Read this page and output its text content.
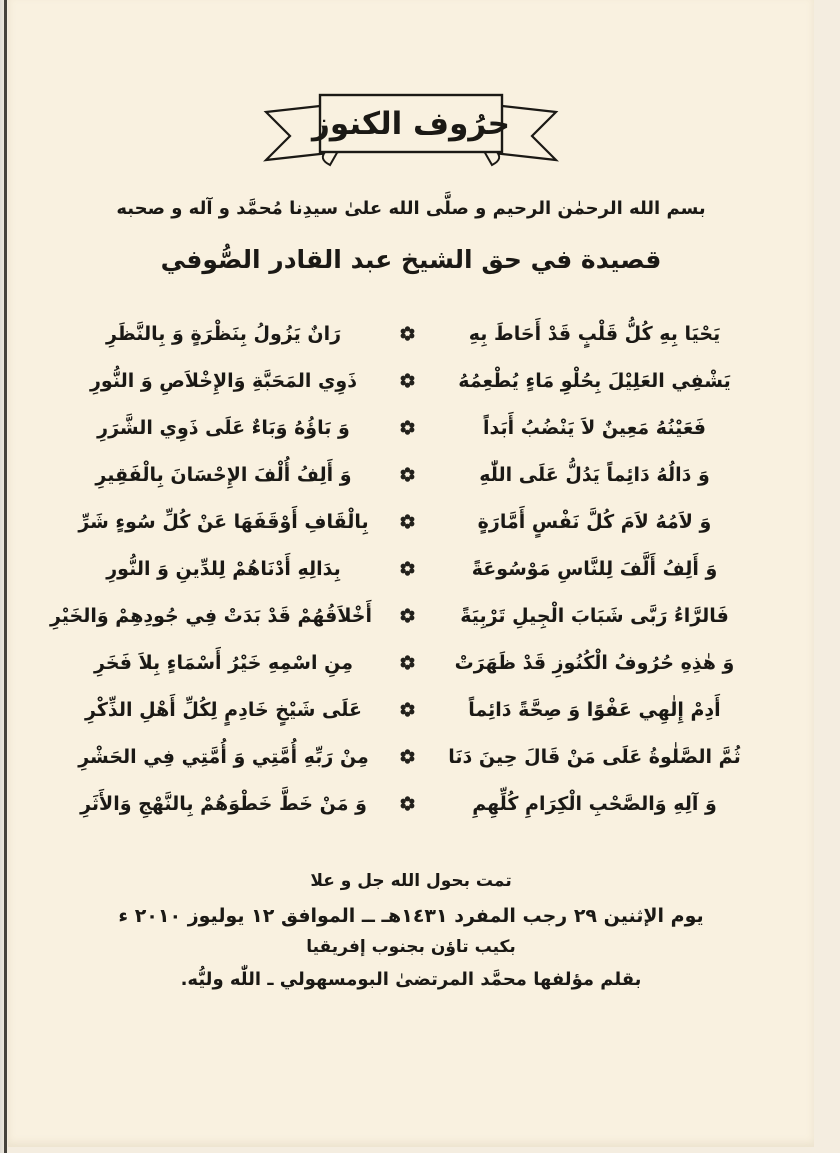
حرُوف الكنوز
بسم الله الرحمٰن الرحيم و صلَّى الله علىٰ سيدِنا مُحمَّد و آله و صحبه
قصيدة في حق الشيخ عبد القادر الصُّوفي
يَحْيَا بِهِ كُلُّ قَلْبٍ قَدْ أَحَاطَ بِهِ
رَانٌ يَزُولُ بِنَظْرَةٍ وَ بِالنَّظَرِ
يَشْفِي العَلِيْلَ بِحُلْوِ مَاءٍ يُطْعِمُهُ
ذَوِي المَحَبَّةِ وَالإِخْلاَصِ وَ النُّورِ
فَعَيْنُهُ مَعِينٌ لاَ يَنْضُبُ أَبَداً
وَ بَاؤُهُ وَبَاءٌ عَلَى ذَوِي الشَّرَرِ
وَ دَالُهُ دَائِماً يَدُلُّ عَلَى اللّٰهِ
وَ أَلِفُ أُلْفَ الإِحْسَانَ بِالْفَقِيرِ
وَ لاَمُهُ لاَمَ كُلَّ نَفْسٍ أَمَّارَةٍ
بِالْقَافِ أَوْقَفَهَا عَنْ كُلِّ سُوءٍ شَرِّ
وَ أَلِفُ أَلَّفَ لِلنَّاسِ مَوْسُوعَةً
بِدَالِهِ أَدْنَاهُمْ لِلدِّينِ وَ النُّورِ
فَالرَّاءُ رَبَّى شَبَابَ الْجِيلِ تَرْبِيَةً
أَخْلاَقُهُمْ قَدْ بَدَتْ فِي جُودِهِمْ وَالخَيْرِ
وَ هٰذِهِ حُرُوفُ الْكُنُوزِ قَدْ ظَهَرَتْ
مِنِ اسْمِهِ خَيْرُ أَسْمَاءٍ بِلاَ فَخَرِ
أَدِمْ إِلٰهِي عَفْوًا وَ صِحَّةً دَائِماً
عَلَى شَيْخٍ خَادِمٍ لِكُلِّ أَهْلِ الذِّكْرِ
ثُمَّ الصَّلٰوةُ عَلَى مَنْ قَالَ حِينَ دَنَا
مِنْ رَبِّهِ أُمَّتِي وَ أُمَّتِي فِي الحَشْرِ
وَ آلِهِ وَالصَّحْبِ الْكِرَامِ كُلِّهِمِ
وَ مَنْ خَطَّ خَطْوَهُمْ بِالنَّهْجِ وَالأَثَرِ
تمت بحول الله جل و علا
يوم الإثنين ٢٩ رجب المفرد ١٤٣١هـ ــ الموافق ١٢ يوليوز ٢٠١٠ ء
بكيب تاؤن بجنوب إفريقيا
بقلم مؤلفها محمَّد المرتضىٰ البومسهولي ـ اللّٰه وليُّه.
